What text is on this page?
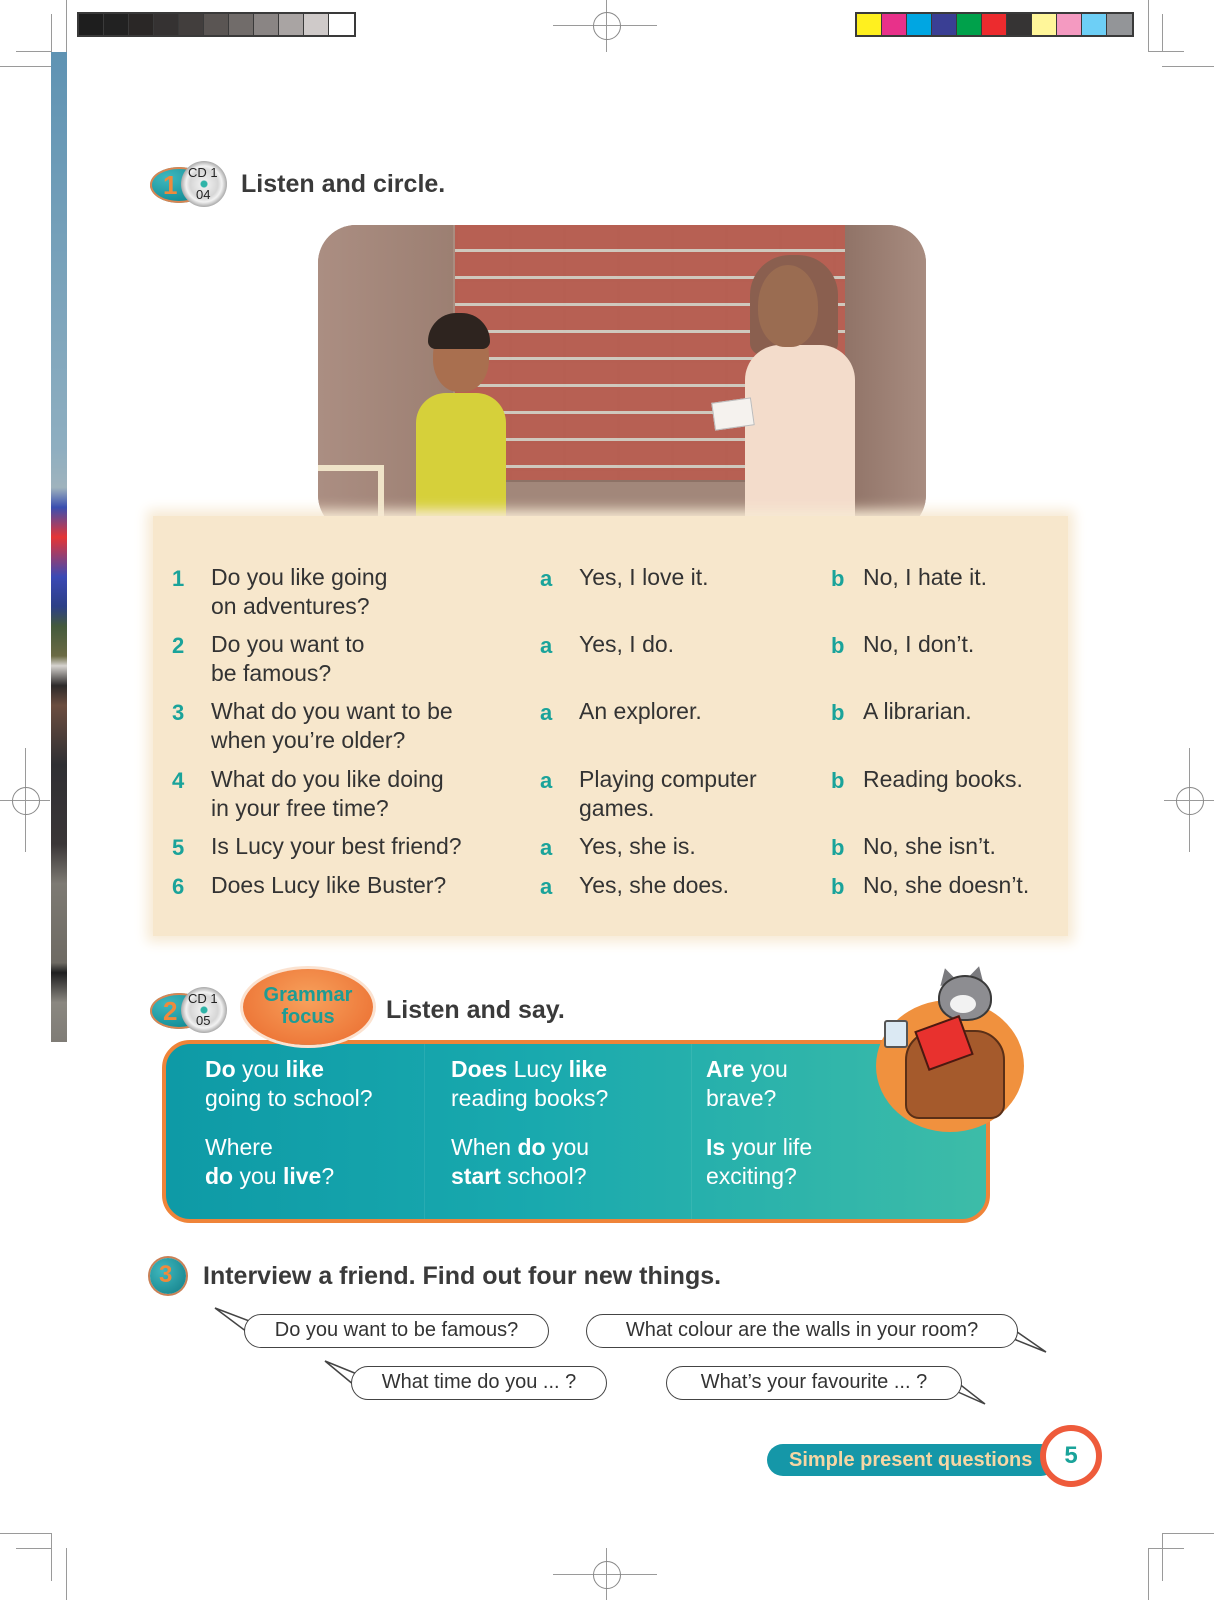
1 CD 1
04 Listen and circle.
1 Do you like going
on adventures?
a Yes, I love it.	b No, I hate it.
2 Do you want to
be famous?
a Yes, I do.	b No, I don’t.
3 What do you want to be
when you’re older?
a An explorer.	b A librarian.
4 What do you like doing
in your free time?
a Playing computer
games.
b Reading books.
5 Is Lucy your best friend?	a Yes, she is.	b No, she isn’t.
6 Does Lucy like Buster?	a Yes, she does.	b No, she doesn’t.
2 CD 1
05
Grammar
focus	Listen and say.
Do you like
going to school?
Does Lucy like
reading books?
Are you
brave?
Where
do you live?
When do you
start school?
Is your life
exciting?
3 Interview a friend. Find out four new things.
Do you want to be famous?	What colour are the walls in your room?
What time do you ... ?	What’s your favourite ... ?
Simple present questions	5
